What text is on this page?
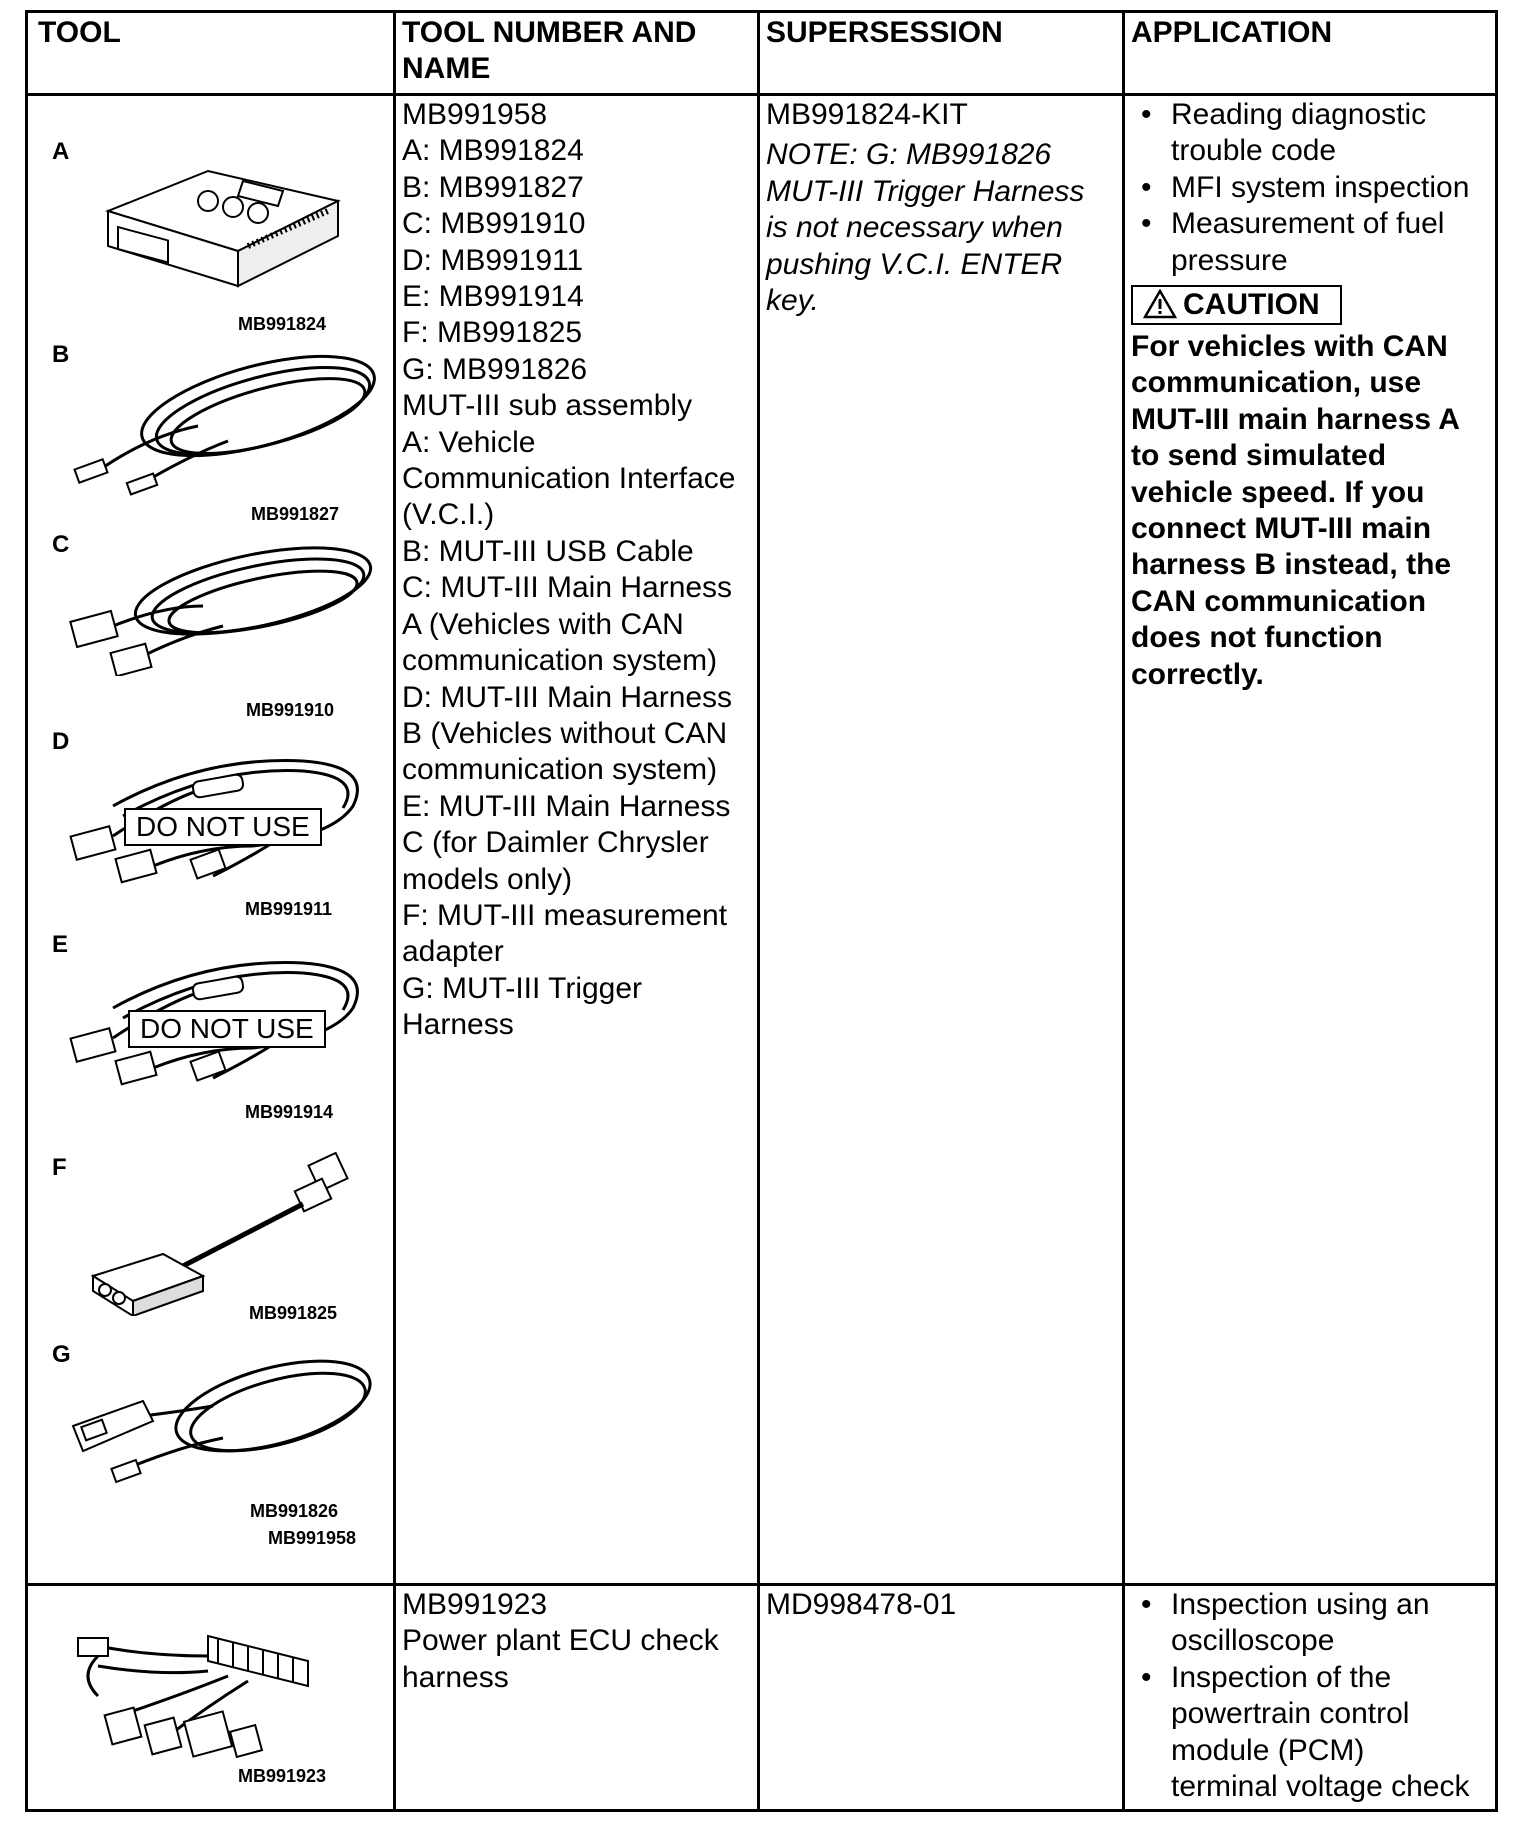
TOOL	TOOL NUMBER AND
NAME
SUPERSESSION	APPLICATION
A
MB991824
B
MB991827
C
MB991910
D
DO NOT USE
MB991911
E
DO NOT USE
MB991914
F
MB991825
G
MB991826
MB991958
MB991958
A: MB991824
B: MB991827
C: MB991910
D: MB991911
E: MB991914
F: MB991825
G: MB991826
MUT-III sub assembly
A: Vehicle
Communication Interface
(V.C.I.)
B: MUT-III USB Cable
C: MUT-III Main Harness
A (Vehicles with CAN
communication system)
D: MUT-III Main Harness
B (Vehicles without CAN
communication system)
E: MUT-III Main Harness
C (for Daimler Chrysler
models only)
F: MUT-III measurement
adapter
G: MUT-III Trigger
Harness
MB991824-KIT
NOTE: G: MB991826
MUT-III Trigger Harness
is not necessary when
pushing V.C.I. ENTER
key.
• Reading diagnostic
trouble code
• MFI system inspection
• Measurement of fuel
pressure
CAUTION
For vehicles with CAN
communication, use
MUT-III main harness A
to send simulated
vehicle speed. If you
connect MUT-III main
harness B instead, the
CAN communication
does not function
correctly.
MB991923
MB991923
Power plant ECU check
harness
MD998478-01
•	Inspection using an
oscilloscope
• Inspection of the
powertrain control
module (PCM)
terminal voltage check
